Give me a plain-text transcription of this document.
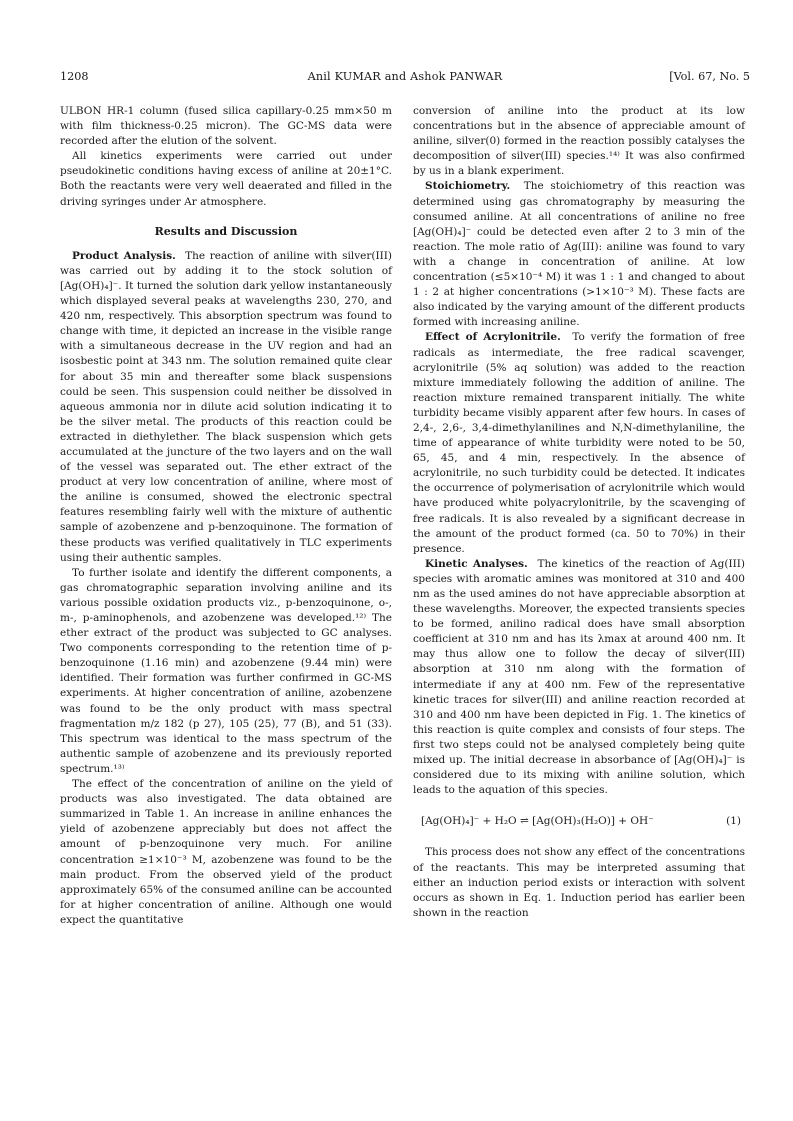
1208	Anil KUMAR and Ashok PANWAR	[Vol. 67, No. 5

ULBON HR-1 column (fused silica capillary-0.25 mm×50 m with film thickness-0.25 micron). The GC-MS data were recorded after the elution of the solvent.

All kinetics experiments were carried out under pseudokinetic conditions having excess of aniline at 20±1°C. Both the reactants were very well deaerated and filled in the driving syringes under Ar atmosphere.

Results and Discussion

Product Analysis. The reaction of aniline with silver(III) was carried out by adding it to the stock solution of [Ag(OH)₄]⁻. It turned the solution dark yellow instantaneously which displayed several peaks at wavelengths 230, 270, and 420 nm, respectively. This absorption spectrum was found to change with time, it depicted an increase in the visible range with a simultaneous decrease in the UV region and had an isosbestic point at 343 nm. The solution remained quite clear for about 35 min and thereafter some black suspensions could be seen. This suspension could neither be dissolved in aqueous ammonia nor in dilute acid solution indicating it to be the silver metal. The products of this reaction could be extracted in diethylether. The black suspension which gets accumulated at the juncture of the two layers and on the wall of the vessel was separated out. The ether extract of the product at very low concentration of aniline, where most of the aniline is consumed, showed the electronic spectral features resembling fairly well with the mixture of authentic sample of azobenzene and p-benzoquinone. The formation of these products was verified qualitatively in TLC experiments using their authentic samples.

To further isolate and identify the different components, a gas chromatographic separation involving aniline and its various possible oxidation products viz., p-benzoquinone, o-, m-, p-aminophenols, and azobenzene was developed.¹²⁾ The ether extract of the product was subjected to GC analyses. Two components corresponding to the retention time of p-benzoquinone (1.16 min) and azobenzene (9.44 min) were identified. Their formation was further confirmed in GC-MS experiments. At higher concentration of aniline, azobenzene was found to be the only product with mass spectral fragmentation m/z 182 (p 27), 105 (25), 77 (B), and 51 (33). This spectrum was identical to the mass spectrum of the authentic sample of azobenzene and its previously reported spectrum.¹³⁾

The effect of the concentration of aniline on the yield of products was also investigated. The data obtained are summarized in Table 1. An increase in aniline enhances the yield of azobenzene appreciably but does not affect the amount of p-benzoquinone very much. For aniline concentration ≥1×10⁻³ M, azobenzene was found to be the main product. From the observed yield of the product approximately 65% of the consumed aniline can be accounted for at higher concentration of aniline. Although one would expect the quantitative

conversion of aniline into the product at its low concentrations but in the absence of appreciable amount of aniline, silver(0) formed in the reaction possibly catalyses the decomposition of silver(III) species.¹⁴⁾ It was also confirmed by us in a blank experiment.

Stoichiometry. The stoichiometry of this reaction was determined using gas chromatography by measuring the consumed aniline. At all concentrations of aniline no free [Ag(OH)₄]⁻ could be detected even after 2 to 3 min of the reaction. The mole ratio of Ag(III): aniline was found to vary with a change in concentration of aniline. At low concentration (≤5×10⁻⁴ M) it was 1 : 1 and changed to about 1 : 2 at higher concentrations (>1×10⁻³ M). These facts are also indicated by the varying amount of the different products formed with increasing aniline.

Effect of Acrylonitrile. To verify the formation of free radicals as intermediate, the free radical scavenger, acrylonitrile (5% aq solution) was added to the reaction mixture immediately following the addition of aniline. The reaction mixture remained transparent initially. The white turbidity became visibly apparent after few hours. In cases of 2,4-, 2,6-, 3,4-dimethylanilines and N,N-dimethylaniline, the time of appearance of white turbidity were noted to be 50, 65, 45, and 4 min, respectively. In the absence of acrylonitrile, no such turbidity could be detected. It indicates the occurrence of polymerisation of acrylonitrile which would have produced white polyacrylonitrile, by the scavenging of free radicals. It is also revealed by a significant decrease in the amount of the product formed (ca. 50 to 70%) in their presence.

Kinetic Analyses. The kinetics of the reaction of Ag(III) species with aromatic amines was monitored at 310 and 400 nm as the used amines do not have appreciable absorption at these wavelengths. Moreover, the expected transients species to be formed, anilino radical does have small absorption coefficient at 310 nm and has its λmax at around 400 nm. It may thus allow one to follow the decay of silver(III) absorption at 310 nm along with the formation of intermediate if any at 400 nm. Few of the representative kinetic traces for silver(III) and aniline reaction recorded at 310 and 400 nm have been depicted in Fig. 1. The kinetics of this reaction is quite complex and consists of four steps. The first two steps could not be analysed completely being quite mixed up. The initial decrease in absorbance of [Ag(OH)₄]⁻ is considered due to its mixing with aniline solution, which leads to the aquation of this species.

[Ag(OH)₄]⁻ + H₂O ⇌ [Ag(OH)₃(H₂O)] + OH⁻	(1)

This process does not show any effect of the concentrations of the reactants. This may be interpreted assuming that either an induction period exists or interaction with solvent occurs as shown in Eq. 1. Induction period has earlier been shown in the reaction
